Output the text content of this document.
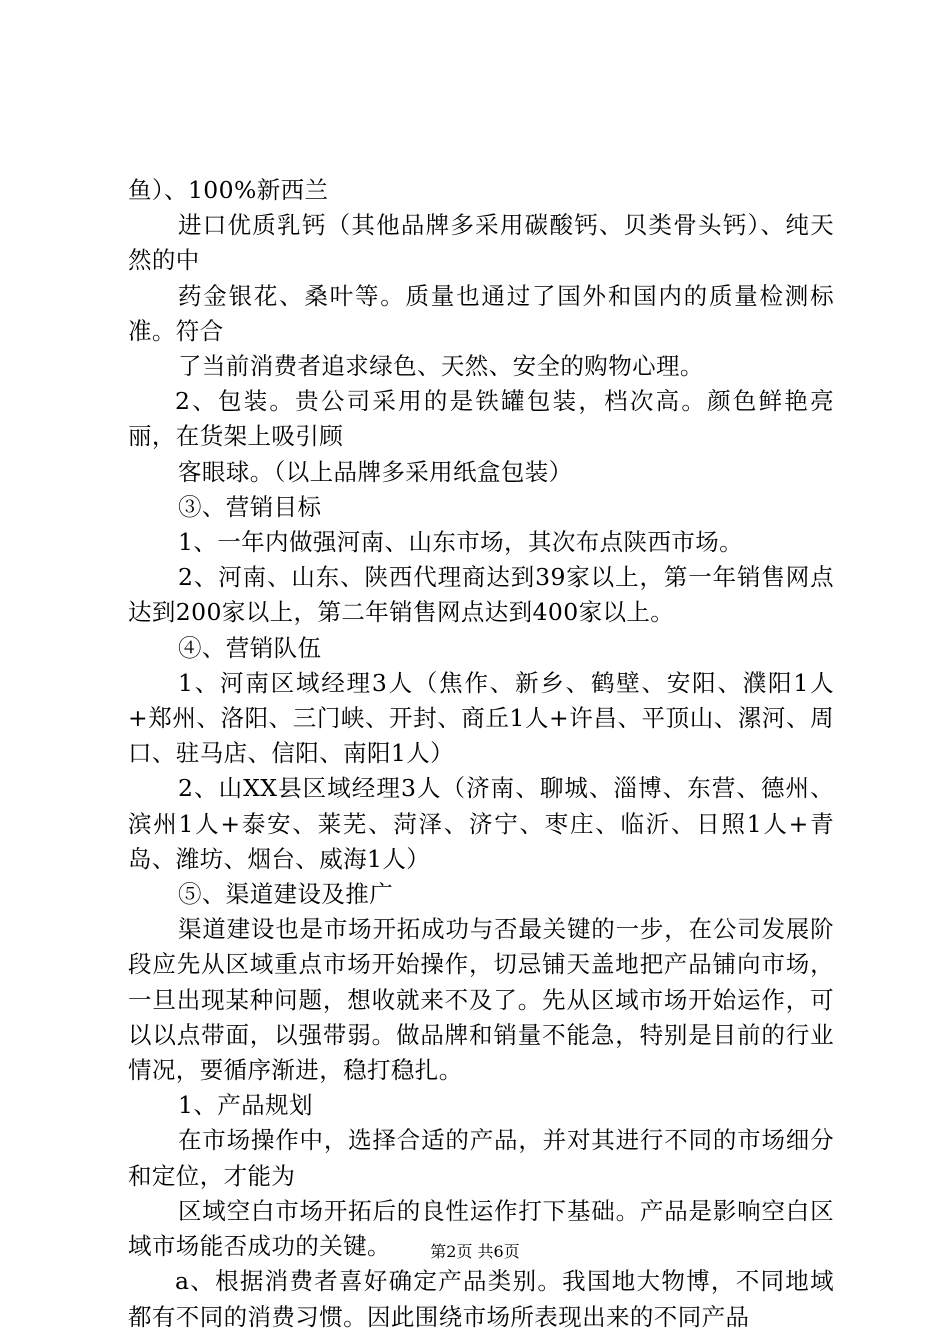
鱼）、100%新西兰

进口优质乳钙（其他品牌多采用碳酸钙、贝类骨头钙）、纯天然的中

药金银花、桑叶等。质量也通过了国外和国内的质量检测标准。符合

了当前消费者追求绿色、天然、安全的购物心理。

2、包装。贵公司采用的是铁罐包装，档次高。颜色鲜艳亮丽，在货架上吸引顾

客眼球。（以上品牌多采用纸盒包装）

③、营销目标

1、一年内做强河南、山东市场，其次布点陕西市场。

2、河南、山东、陕西代理商达到39家以上，第一年销售网点达到200家以上，第二年销售网点达到400家以上。

④、营销队伍

1、河南区域经理3人（焦作、新乡、鹤壁、安阳、濮阳1人+郑州、洛阳、三门峡、开封、商丘1人+许昌、平顶山、漯河、周口、驻马店、信阳、南阳1人）

2、山XX县区域经理3人（济南、聊城、淄博、东营、德州、滨州1人+泰安、莱芜、菏泽、济宁、枣庄、临沂、日照1人+青岛、潍坊、烟台、威海1人）

⑤、渠道建设及推广

渠道建设也是市场开拓成功与否最关键的一步，在公司发展阶段应先从区域重点市场开始操作，切忌铺天盖地把产品铺向市场，一旦出现某种问题，想收就来不及了。先从区域市场开始运作，可以以点带面，以强带弱。做品牌和销量不能急，特别是目前的行业情况，要循序渐进，稳打稳扎。

1、产品规划

在市场操作中，选择合适的产品，并对其进行不同的市场细分和定位，才能为

区域空白市场开拓后的良性运作打下基础。产品是影响空白区域市场能否成功的关键。

a、根据消费者喜好确定产品类别。我国地大物博，不同地域都有不同的消费习惯。因此围绕市场所表现出来的不同产品

第2页 共6页
